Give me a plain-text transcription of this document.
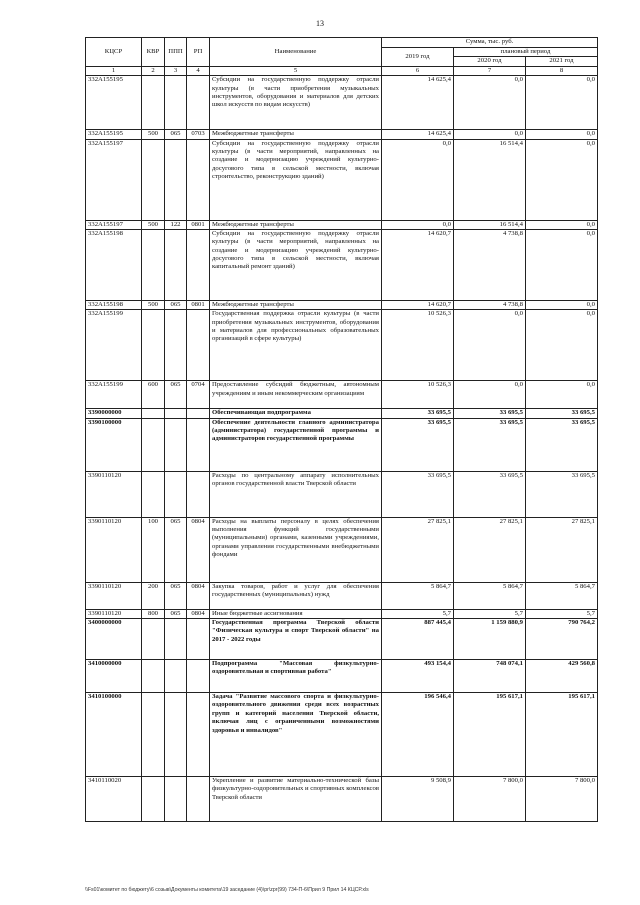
13
КЦСР	КВР	ППП	РП	Наименование	Сумма, тыс. руб.		
					2019 год	плановый период	
						2020 год	2021 год
1	2	3	4	5	6	7	8
332A155195				Субсидии на государственную поддержку отрасли культуры (в части приобретения музыкальных инструментов, оборудования и материалов для детских школ искусств по видам искусств)	14 625,4	0,0	0,0
332A155195	500	065	0703	Межбюджетные трансферты	14 625,4	0,0	0,0
332A155197				Субсидии на государственную поддержку отрасли культуры (в части мероприятий, направленных на создание и модернизацию учреждений культурно-досугового типа в сельской местности, включая строительство, реконструкцию зданий)	0,0	16 514,4	0,0
332A155197	500	122	0801	Межбюджетные трансферты	0,0	16 514,4	0,0
332A155198				Субсидии на государственную поддержку отрасли культуры (в части мероприятий, направленных на создание и модернизацию учреждений культурно-досугового типа в сельской местности, включая капитальный ремонт зданий)	14 620,7	4 738,8	0,0
332A155198	500	065	0801	Межбюджетные трансферты	14 620,7	4 738,8	0,0
332A155199				Государственная поддержка отрасли культуры (в части приобретения музыкальных инструментов, оборудования и материалов для профессиональных образовательных организаций в сфере культуры)	10 526,3	0,0	0,0
332A155199	600	065	0704	Предоставление субсидий бюджетным, автономным учреждениям и иным некоммерческим организациям	10 526,3	0,0	0,0
3390000000				Обеспечивающая подпрограмма	33 695,5	33 695,5	33 695,5
3390100000				Обеспечение деятельности главного администратора (администратора) государственной программы и администраторов государственной программы	33 695,5	33 695,5	33 695,5
3390110120				Расходы по центральному аппарату исполнительных органов государственной власти Тверской области	33 695,5	33 695,5	33 695,5
3390110120	100	065	0804	Расходы на выплаты персоналу в целях обеспечения выполнения функций государственными (муниципальными) органами, казенными учреждениями, органами управления государственными внебюджетными фондами	27 825,1	27 825,1	27 825,1
3390110120	200	065	0804	Закупка товаров, работ и услуг для обеспечения государственных (муниципальных) нужд	5 864,7	5 864,7	5 864,7
3390110120	800	065	0804	Иные бюджетные ассигнования	5,7	5,7	5,7
3400000000				Государственная программа Тверской области "Физическая культура и спорт Тверской области" на 2017 - 2022 годы	887 445,4	1 159 880,9	790 764,2
3410000000				Подпрограмма "Массовая физкультурно-оздоровительная и спортивная работа"	493 154,4	748 074,1	429 560,8
3410100000				Задача "Развитие массового спорта и физкультурно-оздоровительного движения среди всех возрастных групп и категорий населения Тверской области, включая лиц с ограниченными возможностями здоровья и инвалидов"	196 546,4	195 617,1	195 617,1
3410110020				Укрепление и развитие материально-технической базы физкультурно-оздоровительных и спортивных комплексов Тверской области	9 508,9	7 800,0	7 800,0
\\Fs01\комитет по бюджету\6 созыв\Документы комитета\19 заседание (4)\pr\zpr(99) 734-П-6\Прил 9 Прил 14 КЦСР.xls
